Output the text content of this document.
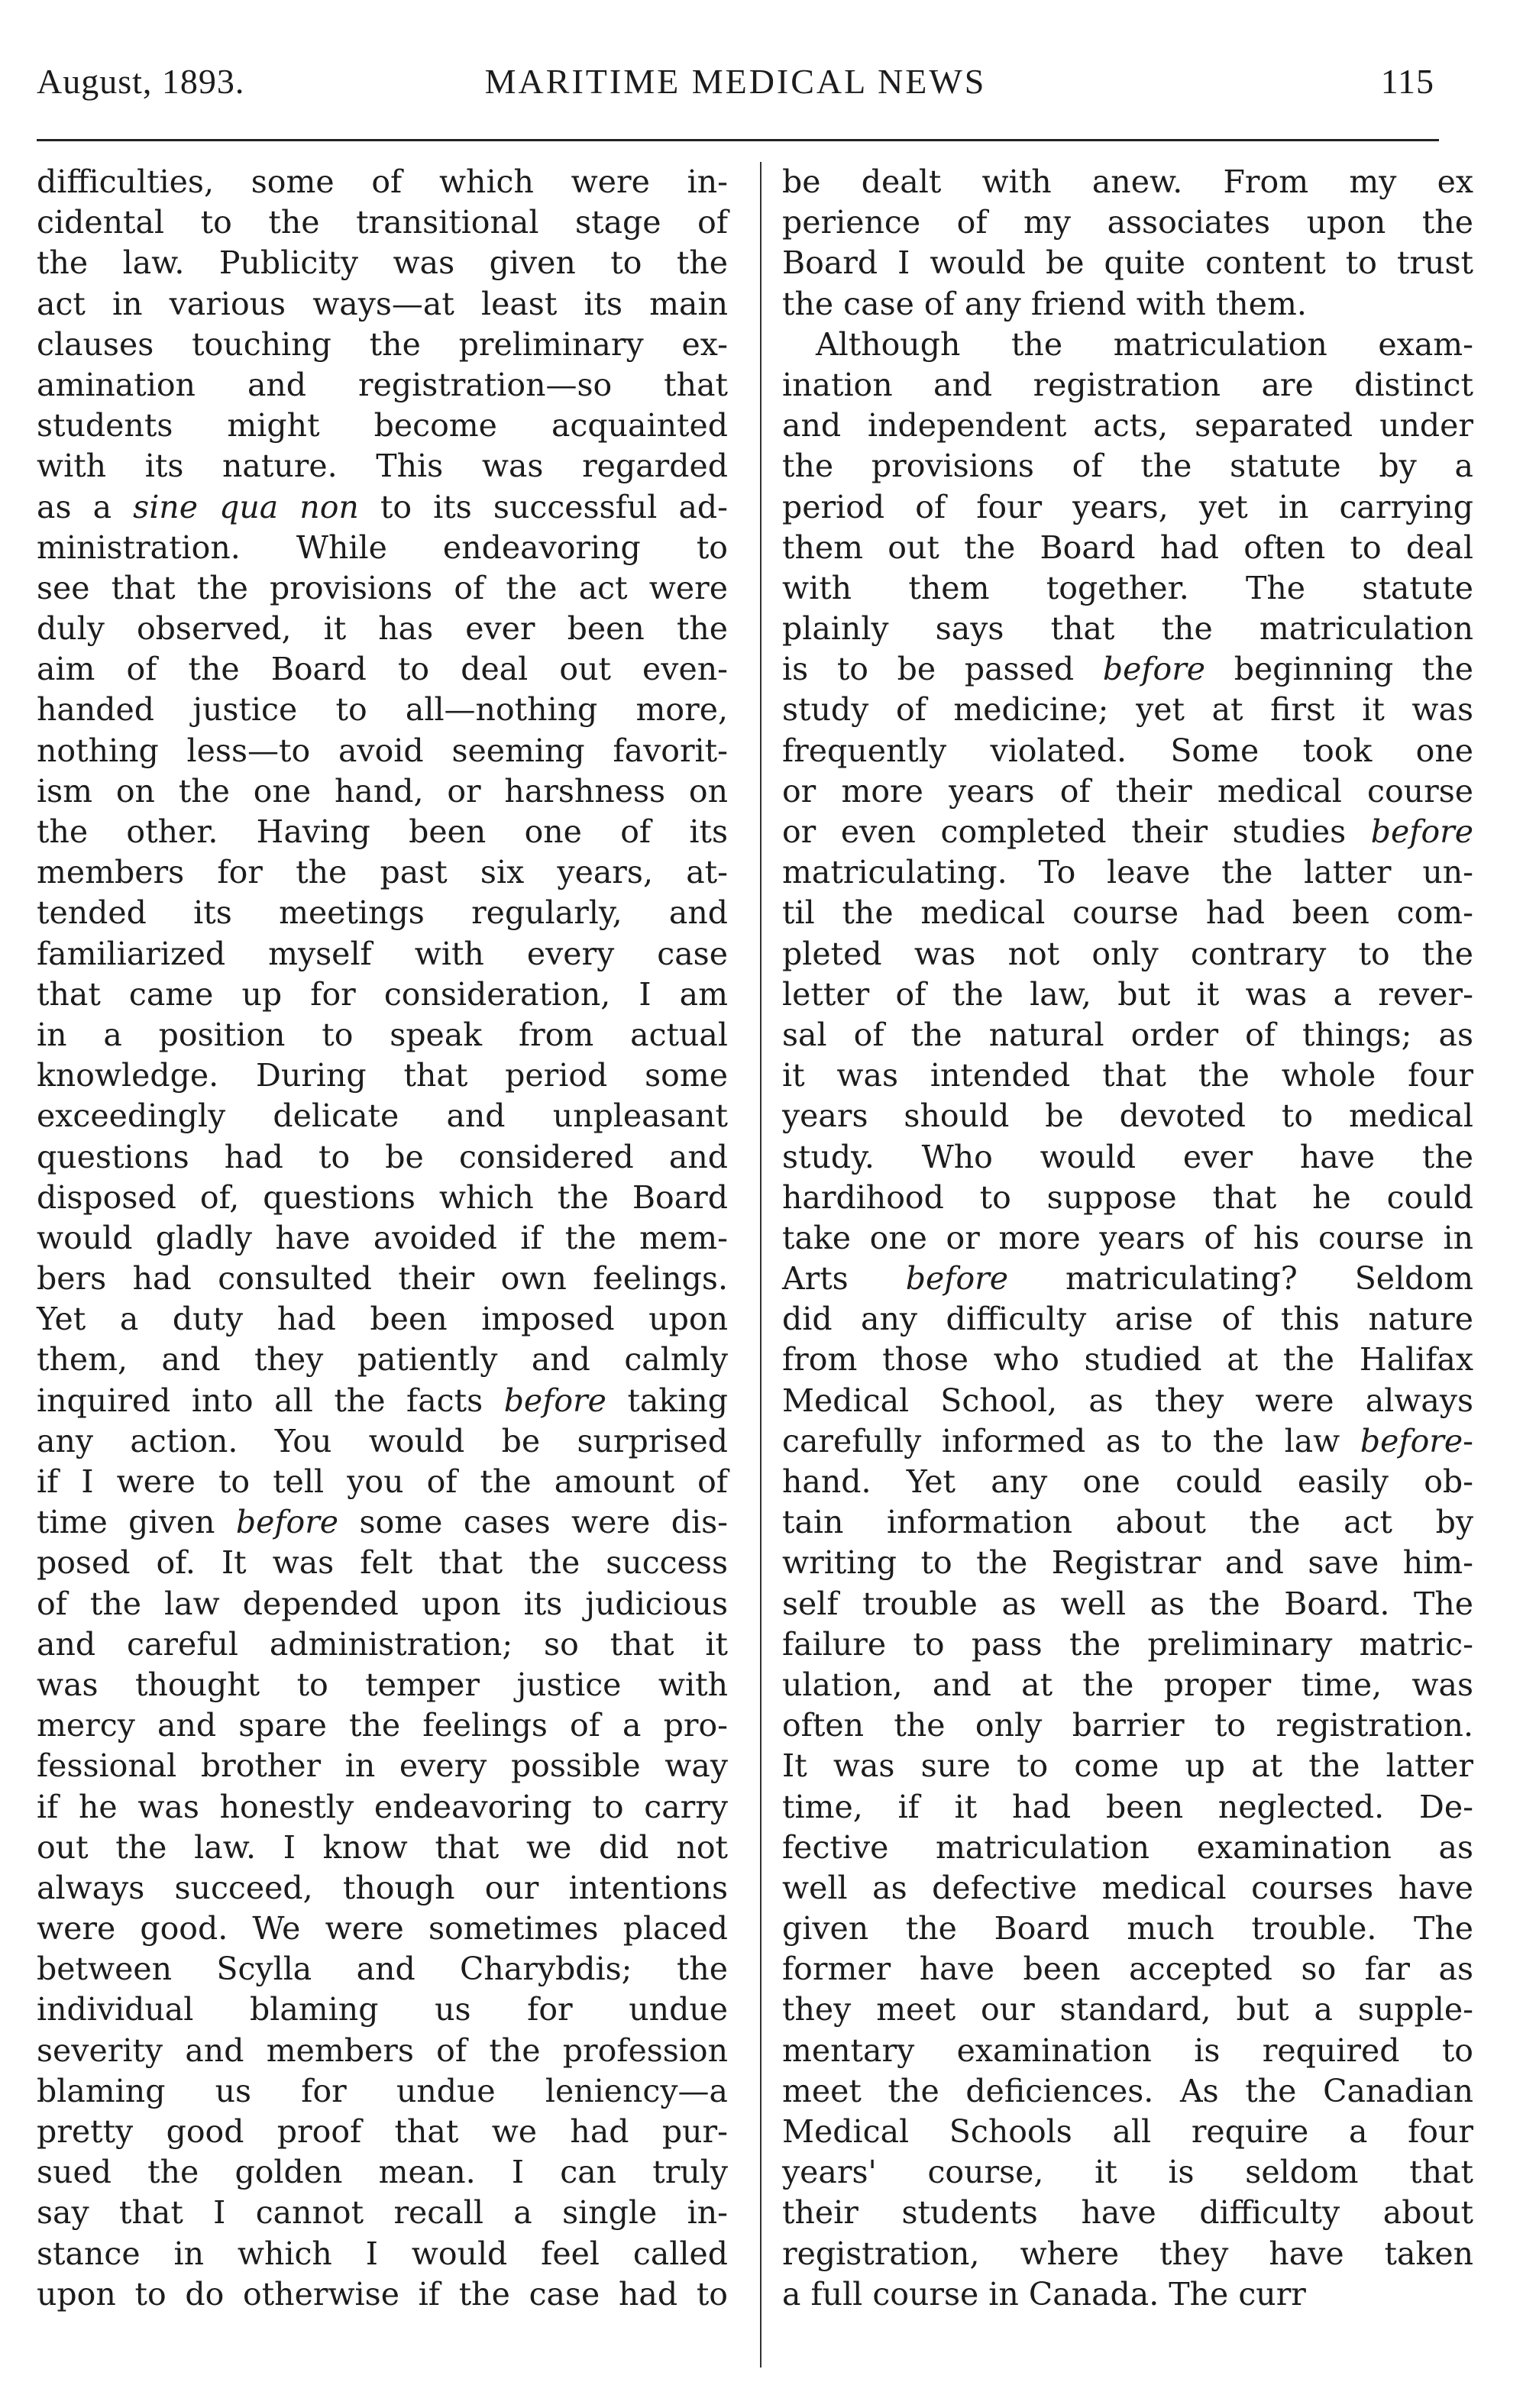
August, 1893.	MARITIME MEDICAL NEWS	115
difficulties, some of which were in-
cidental to the transitional stage of
the law. Publicity was given to the
act in various ways—at least its main
clauses touching the preliminary ex-
amination and registration—so that
students might become acquainted
with its nature. This was regarded
as a sine qua non to its successful ad-
ministration. While endeavoring to
see that the provisions of the act were
duly observed, it has ever been the
aim of the Board to deal out even-
handed justice to all—nothing more,
nothing less—to avoid seeming favorit-
ism on the one hand, or harshness on
the other. Having been one of its
members for the past six years, at-
tended its meetings regularly, and
familiarized myself with every case
that came up for consideration, I am
in a position to speak from actual
knowledge. During that period some
exceedingly delicate and unpleasant
questions had to be considered and
disposed of, questions which the Board
would gladly have avoided if the mem-
bers had consulted their own feelings.
Yet a duty had been imposed upon
them, and they patiently and calmly
inquired into all the facts before taking
any action. You would be surprised
if I were to tell you of the amount of
time given before some cases were dis-
posed of. It was felt that the success
of the law depended upon its judicious
and careful administration; so that it
was thought to temper justice with
mercy and spare the feelings of a pro-
fessional brother in every possible way
if he was honestly endeavoring to carry
out the law. I know that we did not
always succeed, though our intentions
were good. We were sometimes placed
between Scylla and Charybdis; the
individual blaming us for undue
severity and members of the profession
blaming us for undue leniency—a
pretty good proof that we had pur-
sued the golden mean. I can truly
say that I cannot recall a single in-
stance in which I would feel called
upon to do otherwise if the case had to
be dealt with anew. From my ex
perience of my associates upon the
Board I would be quite content to trust
the case of any friend with them.
Although the matriculation exam-
ination and registration are distinct
and independent acts, separated under
the provisions of the statute by a
period of four years, yet in carrying
them out the Board had often to deal
with them together. The statute
plainly says that the matriculation
is to be passed before beginning the
study of medicine; yet at first it was
frequently violated. Some took one
or more years of their medical course
or even completed their studies before
matriculating. To leave the latter un-
til the medical course had been com-
pleted was not only contrary to the
letter of the law, but it was a rever-
sal of the natural order of things; as
it was intended that the whole four
years should be devoted to medical
study. Who would ever have the
hardihood to suppose that he could
take one or more years of his course in
Arts before matriculating? Seldom
did any difficulty arise of this nature
from those who studied at the Halifax
Medical School, as they were always
carefully informed as to the law before-
hand. Yet any one could easily ob-
tain information about the act by
writing to the Registrar and save him-
self trouble as well as the Board. The
failure to pass the preliminary matric-
ulation, and at the proper time, was
often the only barrier to registration.
It was sure to come up at the latter
time, if it had been neglected. De-
fective matriculation examination as
well as defective medical courses have
given the Board much trouble. The
former have been accepted so far as
they meet our standard, but a supple-
mentary examination is required to
meet the deficiences. As the Canadian
Medical Schools all require a four
years' course, it is seldom that
their students have difficulty about
registration, where they have taken
a full course in Canada. The curr
